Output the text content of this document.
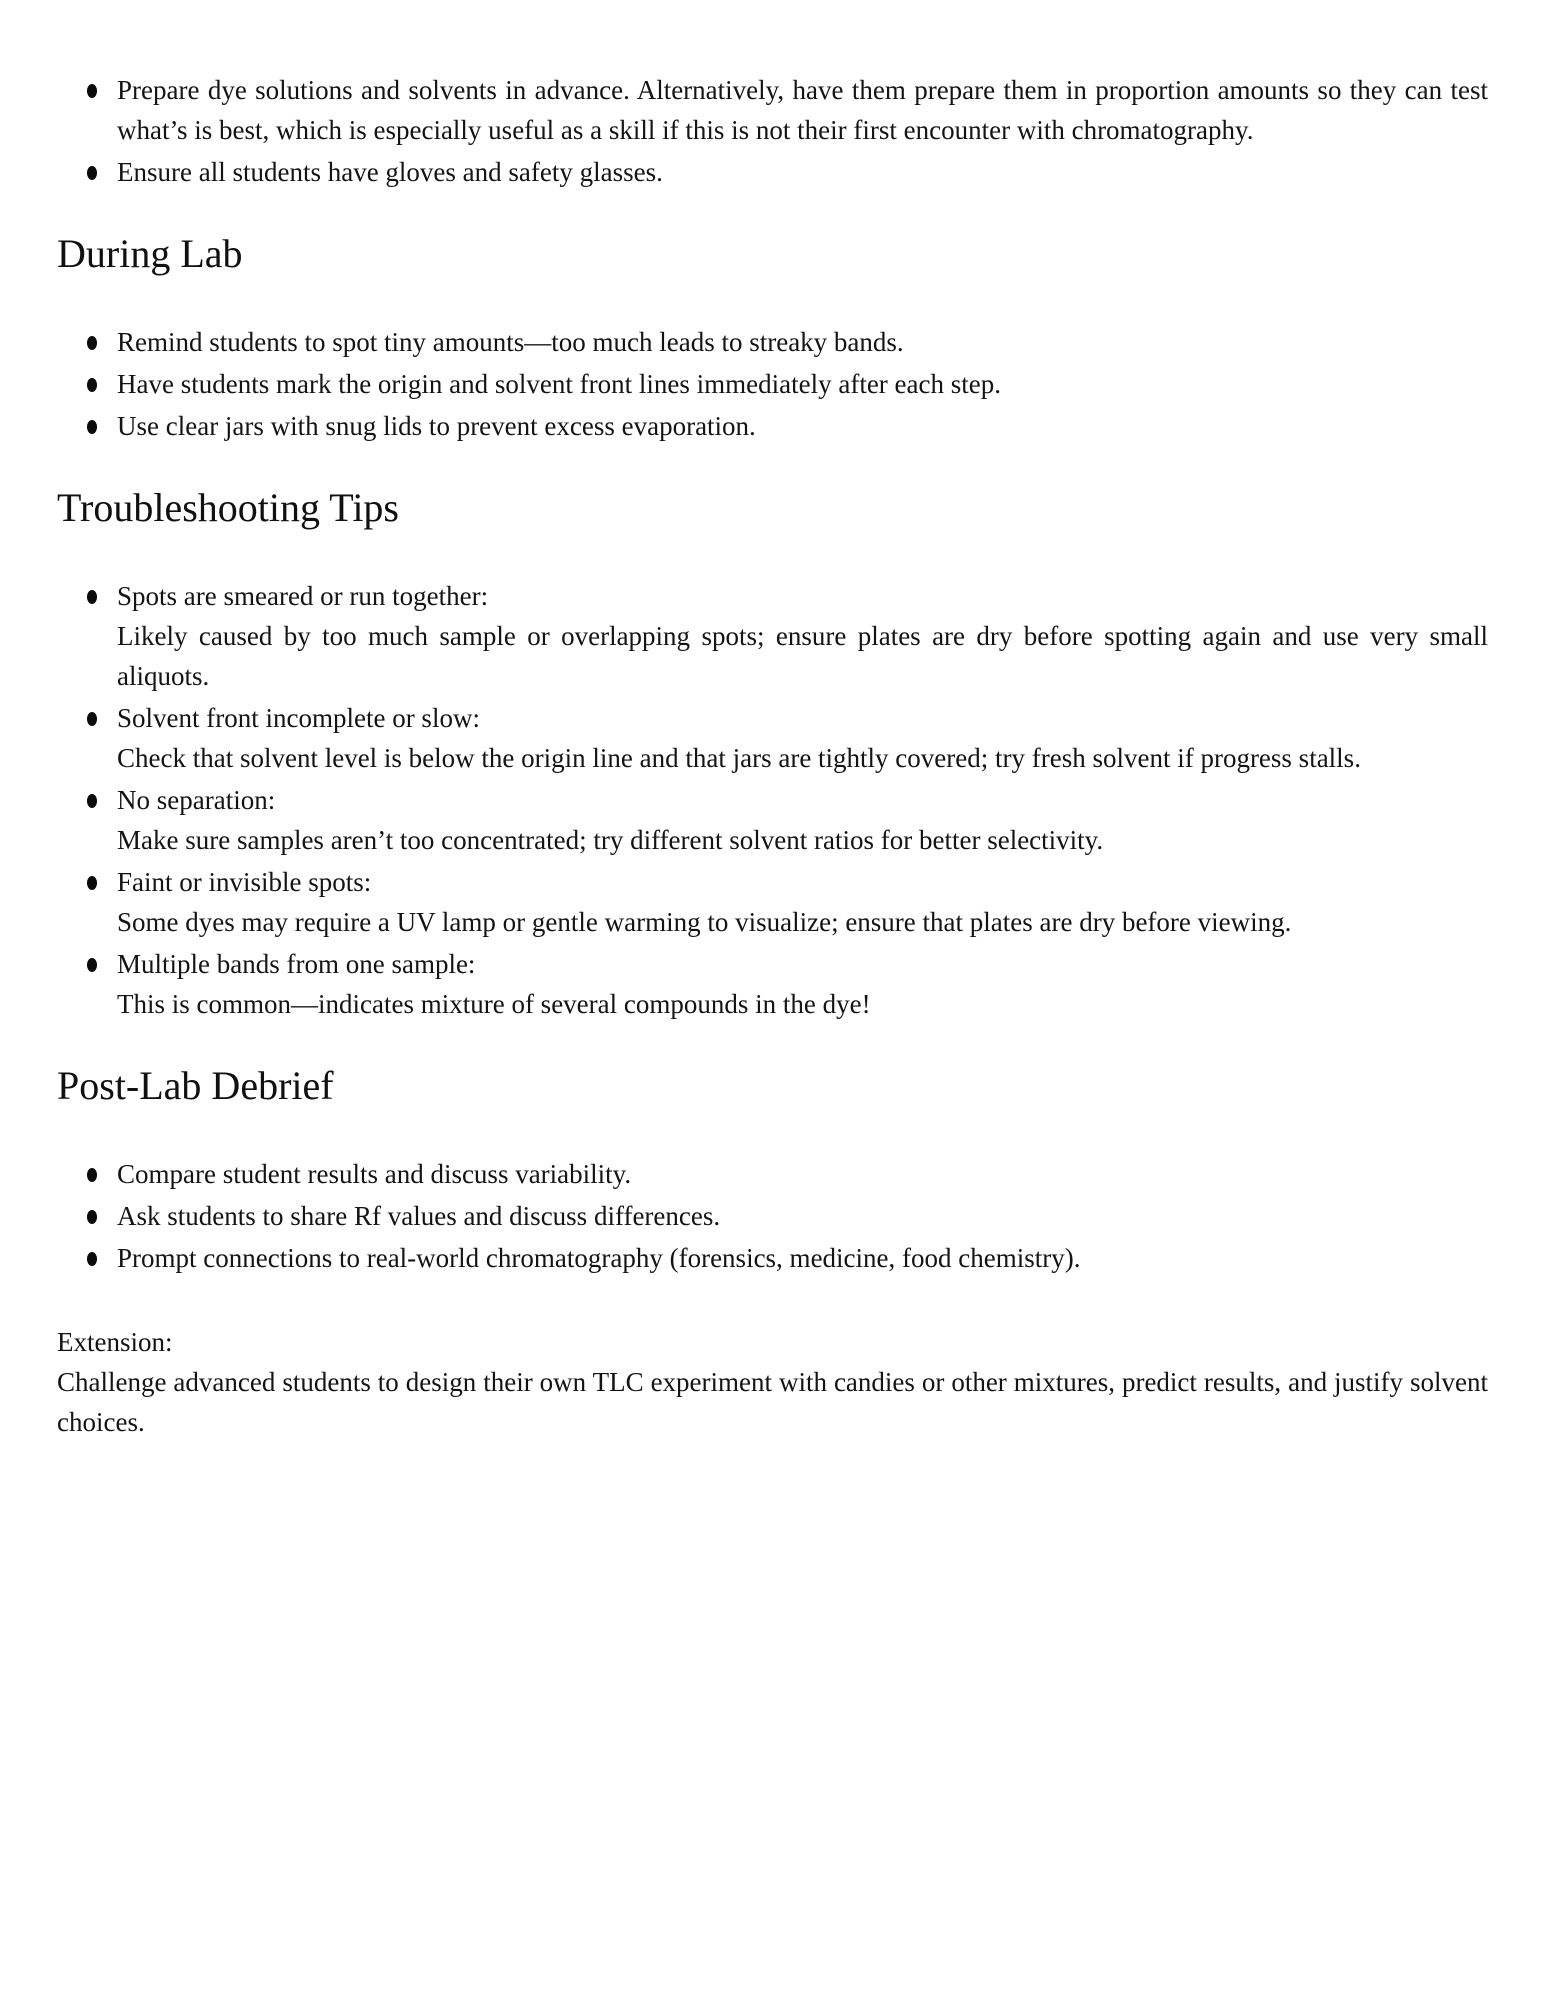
Prepare dye solutions and solvents in advance. Alternatively, have them prepare them in proportion amounts so they can test what’s is best, which is especially useful as a skill if this is not their first encounter with chromatography.
Ensure all students have gloves and safety glasses.
During Lab
Remind students to spot tiny amounts—too much leads to streaky bands.
Have students mark the origin and solvent front lines immediately after each step.
Use clear jars with snug lids to prevent excess evaporation.
Troubleshooting Tips
Spots are smeared or run together:
Likely caused by too much sample or overlapping spots; ensure plates are dry before spotting again and use very small aliquots.
Solvent front incomplete or slow:
Check that solvent level is below the origin line and that jars are tightly covered; try fresh solvent if progress stalls.
No separation:
Make sure samples aren’t too concentrated; try different solvent ratios for better selectivity.
Faint or invisible spots:
Some dyes may require a UV lamp or gentle warming to visualize; ensure that plates are dry before viewing.
Multiple bands from one sample:
This is common—indicates mixture of several compounds in the dye!
Post-Lab Debrief
Compare student results and discuss variability.
Ask students to share Rf values and discuss differences.
Prompt connections to real-world chromatography (forensics, medicine, food chemistry).
Extension:
Challenge advanced students to design their own TLC experiment with candies or other mixtures, predict results, and justify solvent choices.
